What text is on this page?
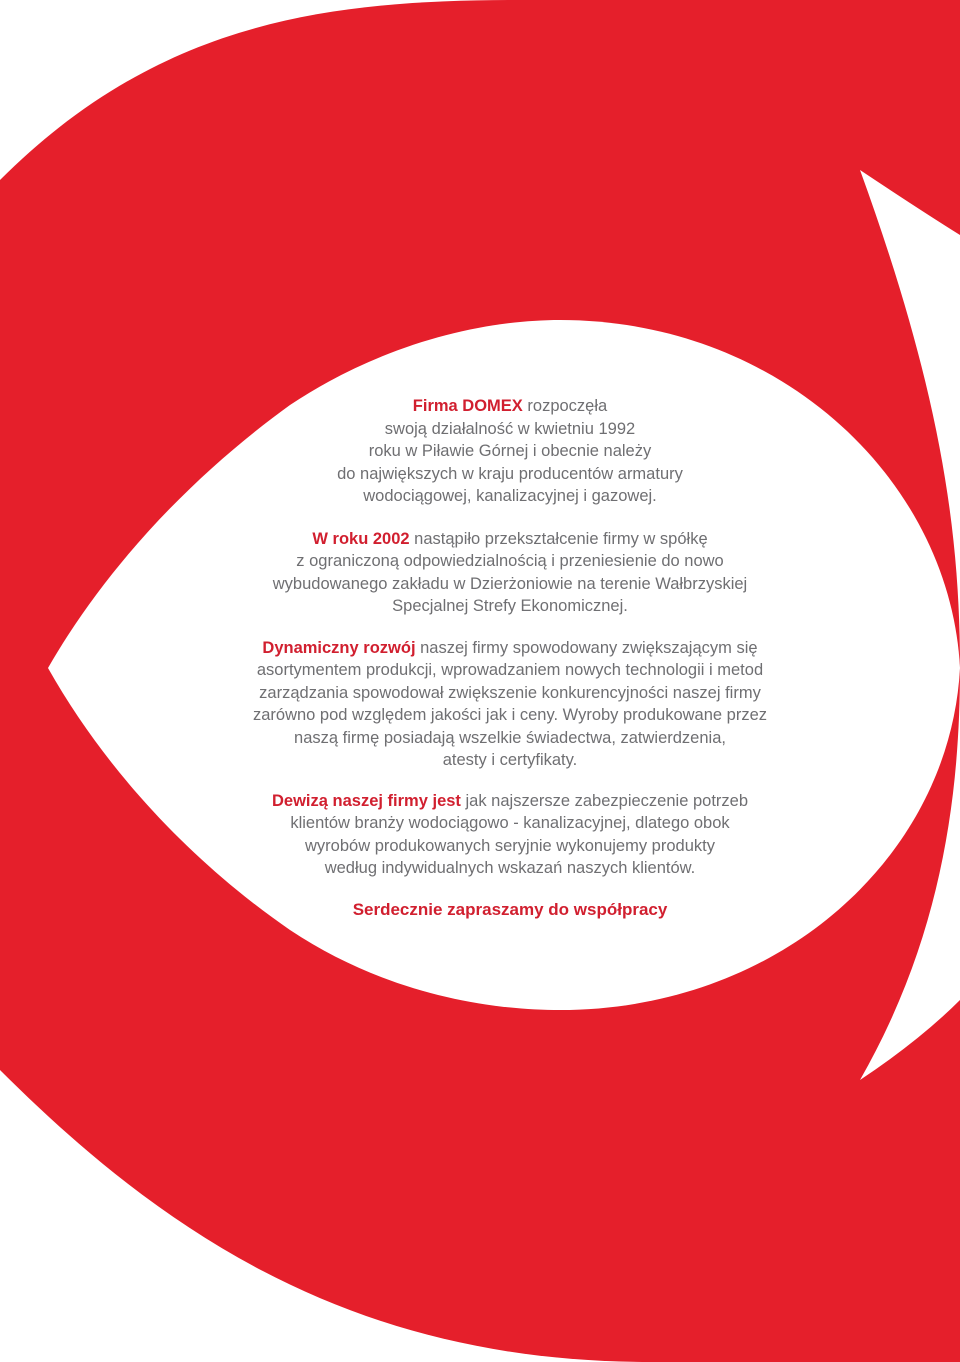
Firma DOMEX rozpoczęła
swoją działalność w kwietniu 1992
roku w Piławie Górnej i obecnie należy
do największych w kraju producentów armatury
wodociągowej, kanalizacyjnej i gazowej.

W roku 2002 nastąpiło przekształcenie firmy w spółkę
z ograniczoną odpowiedzialnością i przeniesienie do nowo
wybudowanego zakładu w Dzierżoniowie na terenie Wałbrzyskiej
Specjalnej Strefy Ekonomicznej.

Dynamiczny rozwój naszej firmy spowodowany zwiększającym się
asortymentem produkcji, wprowadzaniem nowych technologii i metod
zarządzania spowodował zwiększenie konkurencyjności naszej firmy
zarówno pod względem jakości jak i ceny. Wyroby produkowane przez
naszą firmę posiadają wszelkie świadectwa, zatwierdzenia,
atesty i certyfikaty.

Dewizą naszej firmy jest jak najszersze zabezpieczenie potrzeb
klientów branży wodociągowo - kanalizacyjnej, dlatego obok
wyrobów produkowanych seryjnie wykonujemy produkty
według indywidualnych wskazań naszych klientów.

Serdecznie zapraszamy do współpracy
